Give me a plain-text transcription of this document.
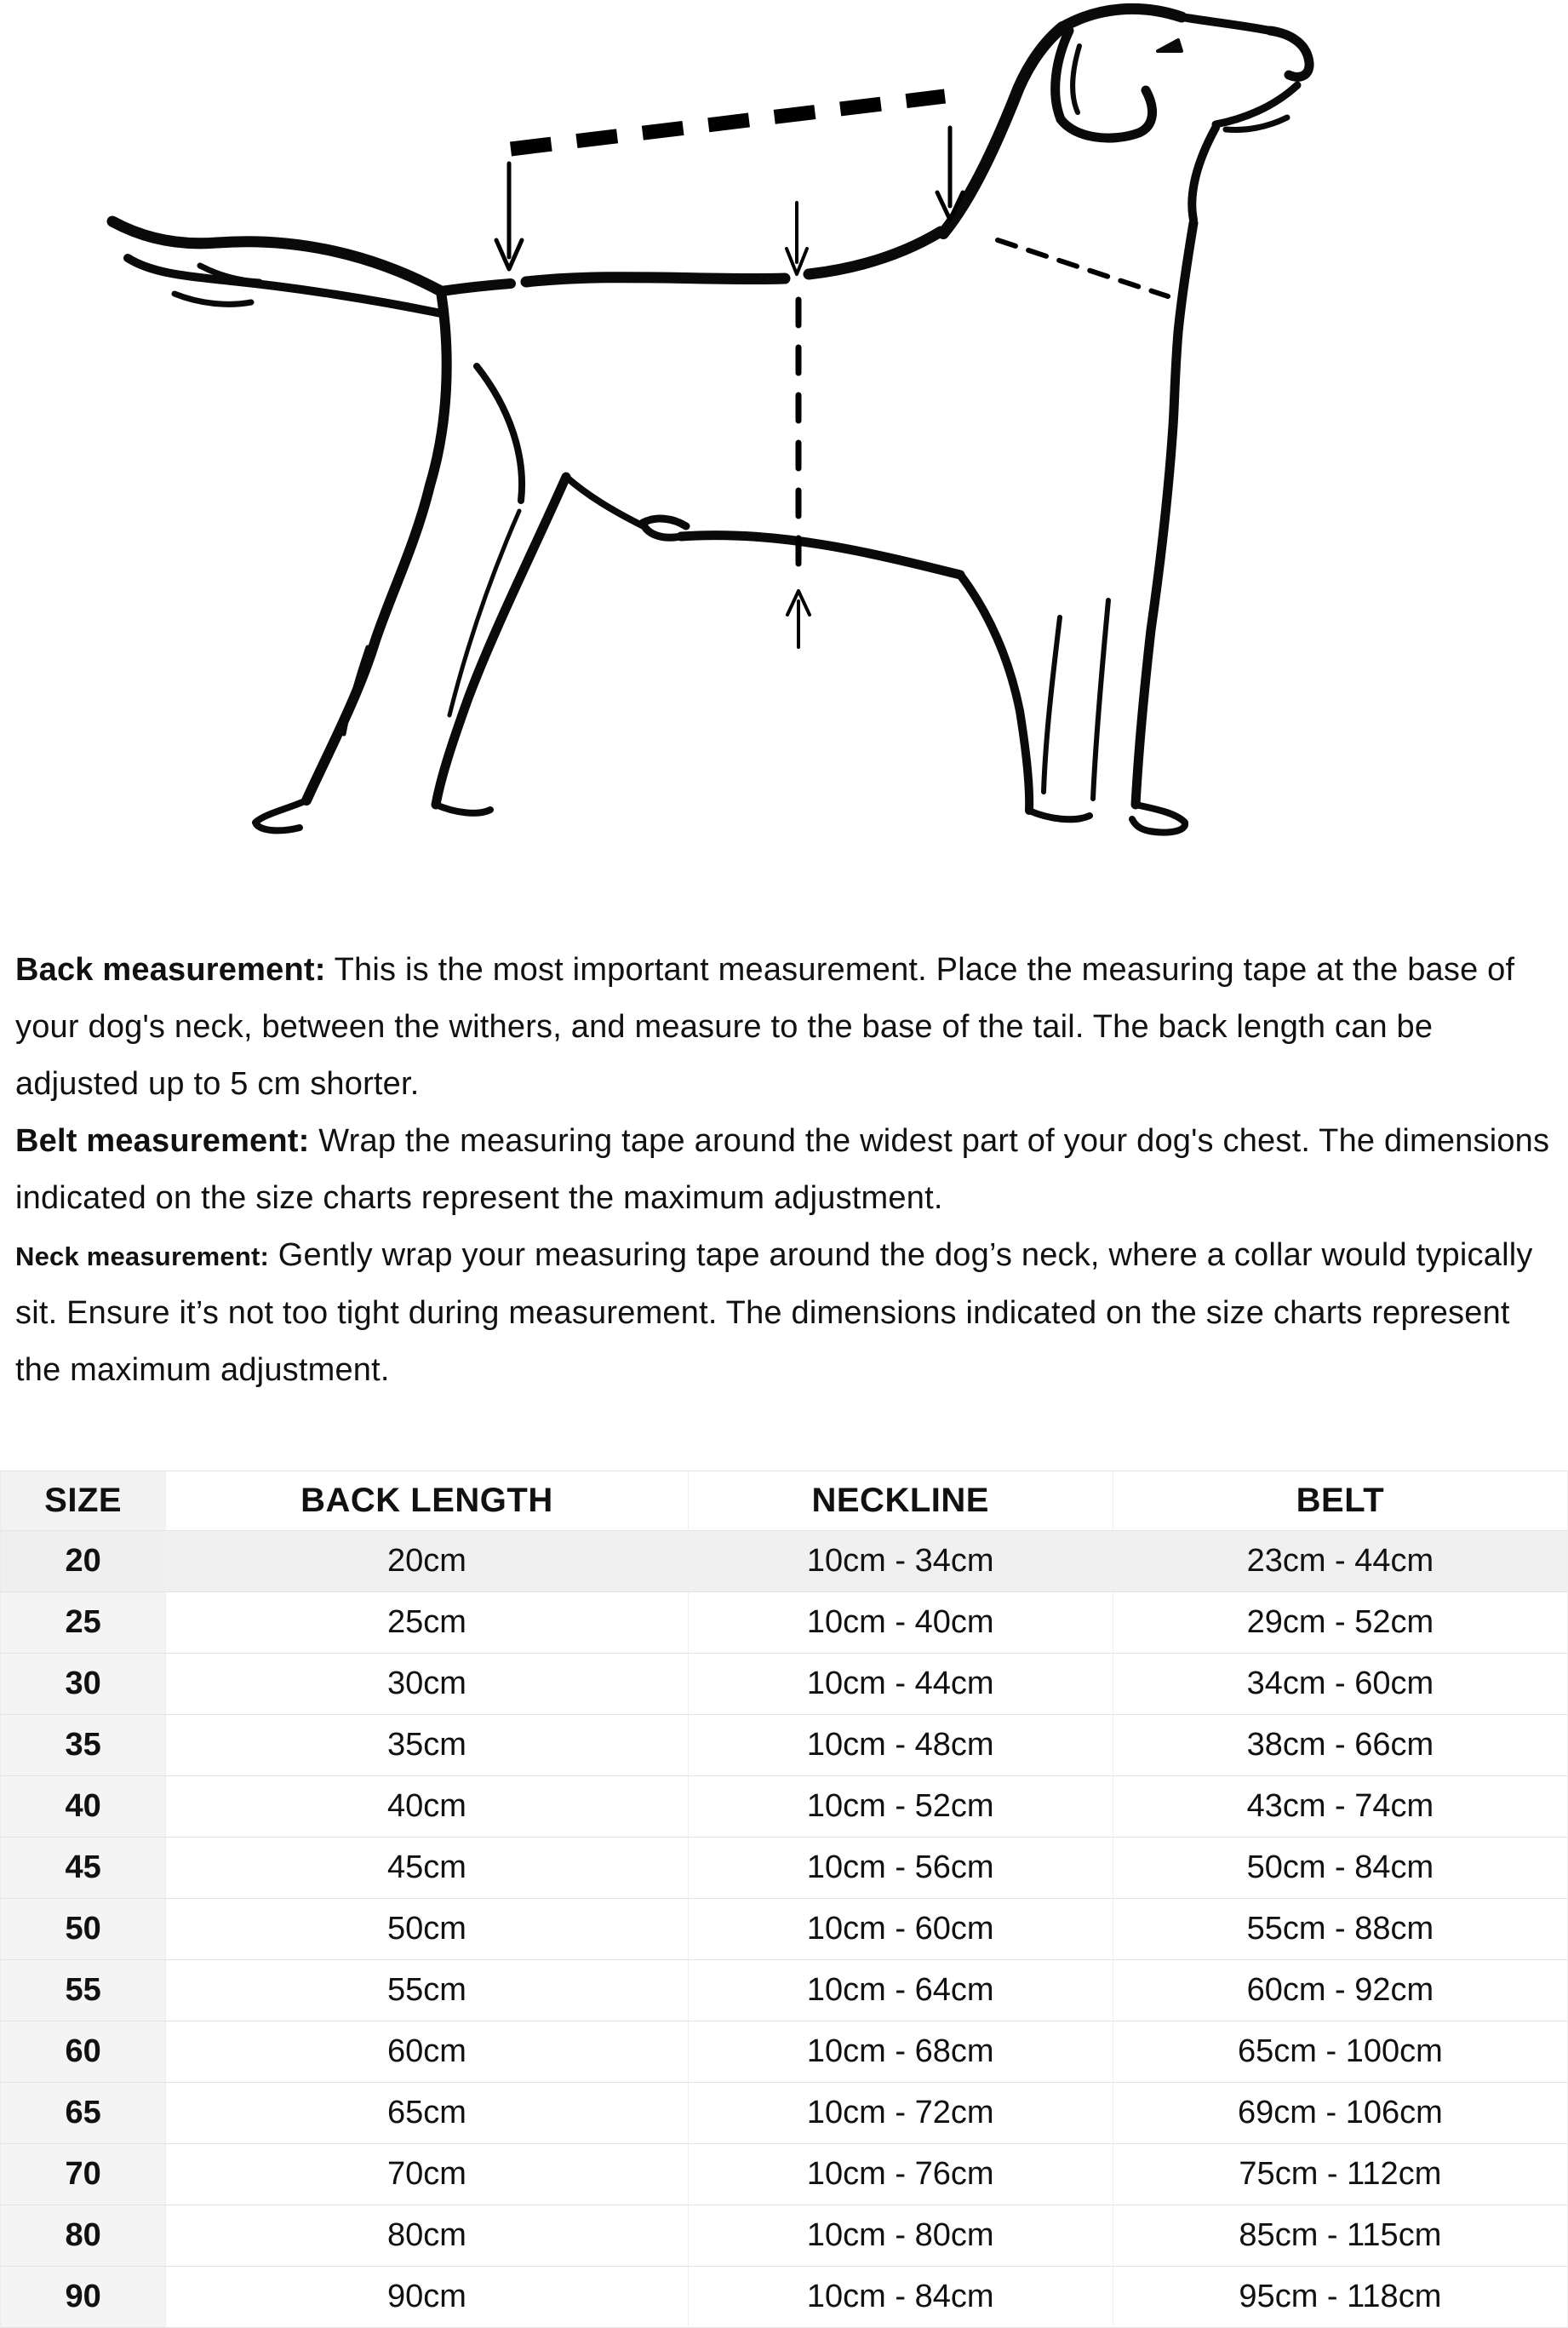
Back measurement: This is the most important measurement. Place the measuring tape at the base of your dog's neck, between the withers, and measure to the base of the tail. The back length can be adjusted up to 5 cm shorter.

Belt measurement: Wrap the measuring tape around the widest part of your dog's chest. The dimensions indicated on the size charts represent the maximum adjustment.

Neck measurement: Gently wrap your measuring tape around the dog’s neck, where a collar would typically sit. Ensure it’s not too tight during measurement. The dimensions indicated on the size charts represent the maximum adjustment.

SIZE	BACK LENGTH	NECKLINE	BELT
20	20cm	10cm - 34cm	23cm - 44cm
25	25cm	10cm - 40cm	29cm - 52cm
30	30cm	10cm - 44cm	34cm - 60cm
35	35cm	10cm - 48cm	38cm - 66cm
40	40cm	10cm - 52cm	43cm - 74cm
45	45cm	10cm - 56cm	50cm - 84cm
50	50cm	10cm - 60cm	55cm - 88cm
55	55cm	10cm - 64cm	60cm - 92cm
60	60cm	10cm - 68cm	65cm - 100cm
65	65cm	10cm - 72cm	69cm - 106cm
70	70cm	10cm - 76cm	75cm - 112cm
80	80cm	10cm - 80cm	85cm - 115cm
90	90cm	10cm - 84cm	95cm - 118cm
